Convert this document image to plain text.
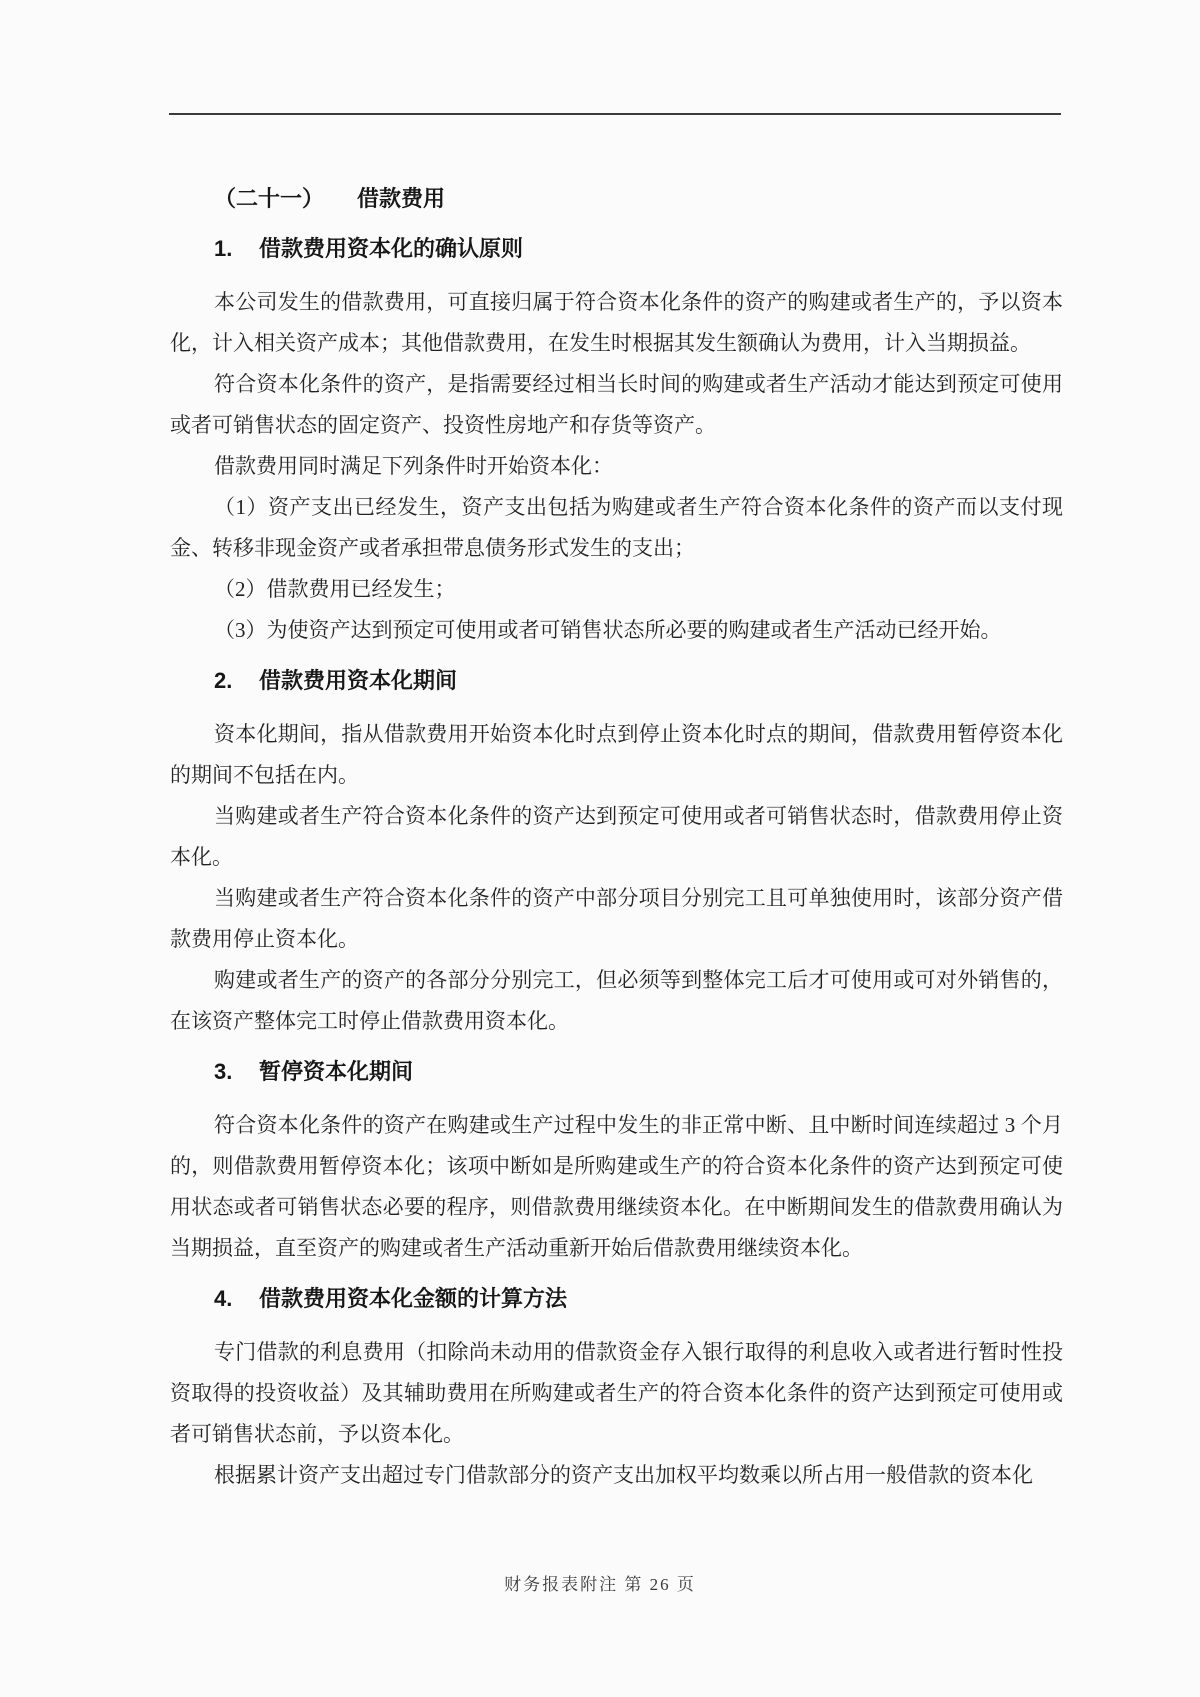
（二十一） 借款费用
1. 借款费用资本化的确认原则

本公司发生的借款费用，可直接归属于符合资本化条件的资产的购建或者生产的，予以资本化，计入相关资产成本；其他借款费用，在发生时根据其发生额确认为费用，计入当期损益。

符合资本化条件的资产，是指需要经过相当长时间的购建或者生产活动才能达到预定可使用或者可销售状态的固定资产、投资性房地产和存货等资产。

借款费用同时满足下列条件时开始资本化：

（1）资产支出已经发生，资产支出包括为购建或者生产符合资本化条件的资产而以支付现金、转移非现金资产或者承担带息债务形式发生的支出；

（2）借款费用已经发生；

（3）为使资产达到预定可使用或者可销售状态所必要的购建或者生产活动已经开始。

2. 借款费用资本化期间

资本化期间，指从借款费用开始资本化时点到停止资本化时点的期间，借款费用暂停资本化的期间不包括在内。

当购建或者生产符合资本化条件的资产达到预定可使用或者可销售状态时，借款费用停止资本化。

当购建或者生产符合资本化条件的资产中部分项目分别完工且可单独使用时，该部分资产借款费用停止资本化。

购建或者生产的资产的各部分分别完工，但必须等到整体完工后才可使用或可对外销售的，在该资产整体完工时停止借款费用资本化。

3. 暂停资本化期间

符合资本化条件的资产在购建或生产过程中发生的非正常中断、且中断时间连续超过 3 个月的，则借款费用暂停资本化；该项中断如是所购建或生产的符合资本化条件的资产达到预定可使用状态或者可销售状态必要的程序，则借款费用继续资本化。在中断期间发生的借款费用确认为当期损益，直至资产的购建或者生产活动重新开始后借款费用继续资本化。

4. 借款费用资本化金额的计算方法

专门借款的利息费用（扣除尚未动用的借款资金存入银行取得的利息收入或者进行暂时性投资取得的投资收益）及其辅助费用在所购建或者生产的符合资本化条件的资产达到预定可使用或者可销售状态前，予以资本化。

根据累计资产支出超过专门借款部分的资产支出加权平均数乘以所占用一般借款的资本化

财务报表附注 第 26 页
